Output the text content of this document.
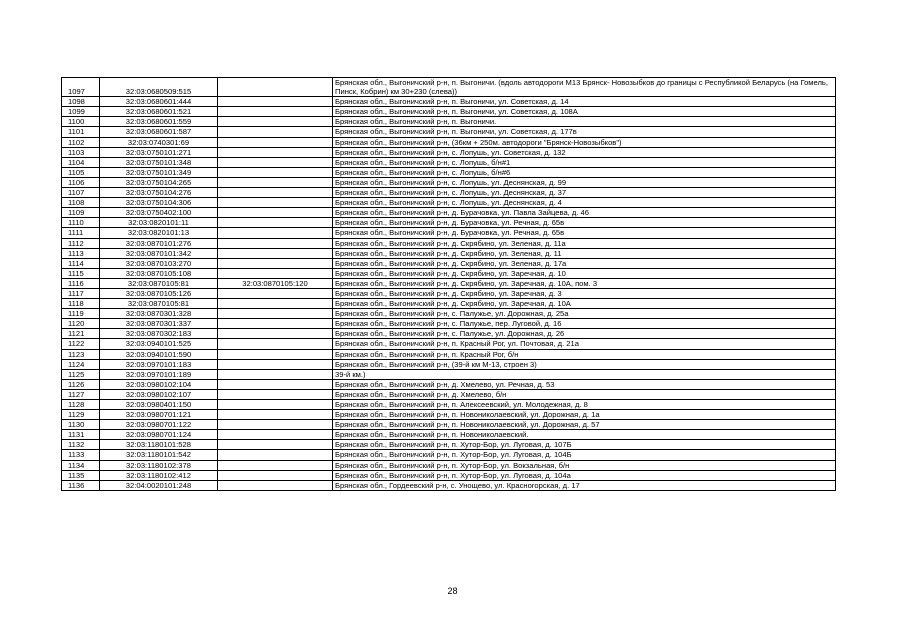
1097	32:03:0680509:515		Брянская обл., Выгоничский р-н, п. Выгоничи. (вдоль автодороги М13 Брянск- Новозыбков до границы с Республикой Беларусь (на Гомель, Пинск, Кобрин) км 30+230 (слева))
1098	32:03:0680601:444		Брянская обл., Выгоничский р-н, п. Выгоничи, ул. Советская, д. 14
1099	32:03:0680601:521		Брянская обл., Выгоничский р-н, п. Выгоничи, ул. Советская, д. 108А
1100	32:03:0680601:559		Брянская обл., Выгоничский р-н, п. Выгоничи.
1101	32:03:0680601:587		Брянская обл., Выгоничский р-н, п. Выгоничи, ул. Советская, д. 177в
1102	32:03:0740301:69		Брянская обл., Выгоничский р-н, (36км + 250м. автодороги "Брянск-Новозыбков")
1103	32:03:0750101:271		Брянская обл., Выгоничский р-н, с. Лопушь, ул. Советская, д. 132
1104	32:03:0750101:348		Брянская обл., Выгоничский р-н, с. Лопушь, б/н#1
1105	32:03:0750101:349		Брянская обл., Выгоничский р-н, с. Лопушь, б/н#6
1106	32:03:0750104:265		Брянская обл., Выгоничский р-н, с. Лопушь, ул. Деснянская, д. 99
1107	32:03:0750104:276		Брянская обл., Выгоничский р-н, с. Лопушь, ул. Деснянская, д. 37
1108	32:03:0750104:306		Брянская обл., Выгоничский р-н, с. Лопушь, ул. Деснянская, д. 4
1109	32:03:0750402:100		Брянская обл., Выгоничский р-н, д. Бурачовка, ул. Павла Зайцева, д. 46
1110	32:03:0820101:11		Брянская обл., Выгоничский р-н, д. Бурачовка, ул. Речная, д. 65в
1111	32:03:0820101:13		Брянская обл., Выгоничский р-н, д. Бурачовка, ул. Речная, д. 65в
1112	32:03:0870101:276		Брянская обл., Выгоничский р-н, д. Скрябино, ул. Зеленая, д. 11а
1113	32:03:0870101:342		Брянская обл., Выгоничский р-н, д. Скрябино, ул. Зеленая, д. 11
1114	32:03:0870103:270		Брянская обл., Выгоничский р-н, д. Скрябино, ул. Зеленая, д. 17а
1115	32:03:0870105:108		Брянская обл., Выгоничский р-н, д. Скрябино, ул. Заречная, д. 10
1116	32:03:0870105:81	32:03:0870105:120	Брянская обл., Выгоничский р-н, д. Скрябино, ул. Заречная, д. 10А, пом. 3
1117	32:03:0870105:126		Брянская обл., Выгоничский р-н, д. Скрябино, ул. Заречная, д. 3
1118	32:03:0870105:81		Брянская обл., Выгоничский р-н, д. Скрябино, ул. Заречная, д. 10А
1119	32:03:0870301:328		Брянская обл., Выгоничский р-н, с. Палужье, ул. Дорожная, д. 25а
1120	32:03:0870301:337		Брянская обл., Выгоничский р-н, с. Палужье, пер. Луговой, д. 16
1121	32:03:0870302:183		Брянская обл., Выгоничский р-н, с. Палужье, ул. Дорожная, д. 26
1122	32:03:0940101:525		Брянская обл., Выгоничский р-н, п. Красный Рог, ул. Почтовая, д. 21а
1123	32:03:0940101:590		Брянская обл., Выгоничский р-н, п. Красный Рог, б/н
1124	32:03:0970101:183		Брянская обл., Выгоничский р-н, (39-й км М-13, строен 3)
1125	32:03:0970101:189		39-й км.)
1126	32:03:0980102:104		Брянская обл., Выгоничский р-н, д. Хмелево, ул. Речная, д. 53
1127	32:03:0980102:107		Брянская обл., Выгоничский р-н, д. Хмелево, б/н
1128	32:03:0980401:150		Брянская обл., Выгоничский р-н, п. Алексеевский, ул. Молодежная, д. 8
1129	32:03:0980701:121		Брянская обл., Выгоничский р-н, п. Новониколаевский, ул. Дорожная, д. 1а
1130	32:03:0980701:122		Брянская обл., Выгоничский р-н, п. Новониколаевский, ул. Дорожная, д. 57
1131	32:03:0980701:124		Брянская обл., Выгоничский р-н, п. Новониколаевский.
1132	32:03:1180101:528		Брянская обл., Выгоничский р-н, п. Хутор-Бор, ул. Луговая, д. 107Б
1133	32:03:1180101:542		Брянская обл., Выгоничский р-н, п. Хутор-Бор, ул. Луговая, д. 104Б
1134	32:03:1180102:378		Брянская обл., Выгоничский р-н, п. Хутор-Бор, ул. Вокзальная, б/н
1135	32:03:1180102:412		Брянская обл., Выгоничский р-н, п. Хутор-Бор, ул. Луговая, д. 104а
1136	32:04:0020101:248		Брянская обл., Гордеевский р-н, с. Унощево, ул. Красногорская, д. 17
28
